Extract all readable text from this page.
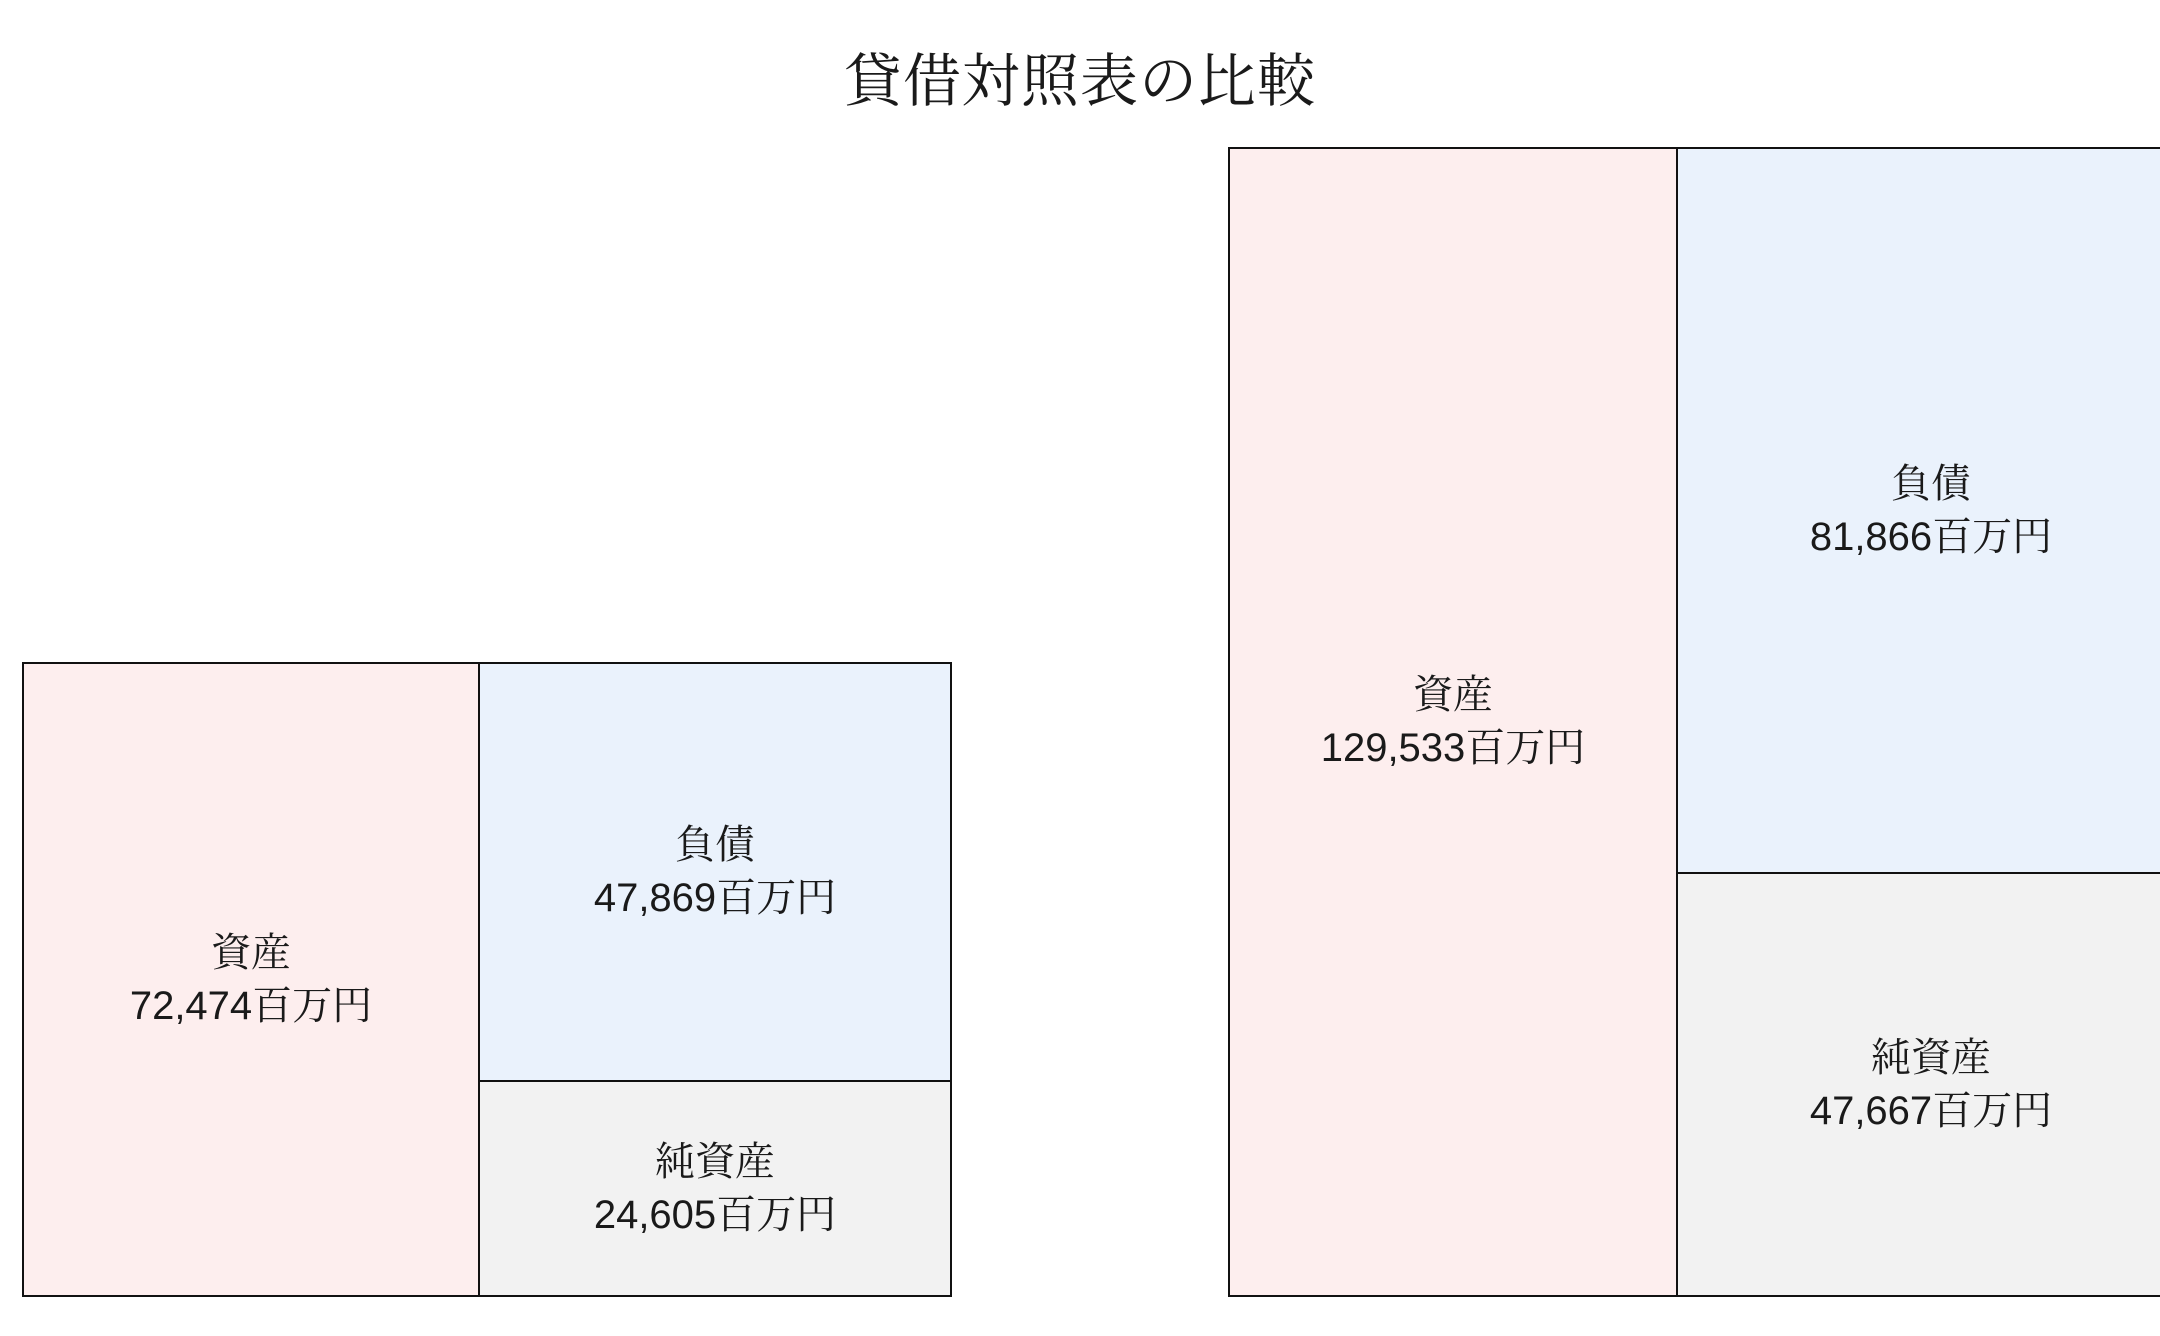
貸借対照表の比較
資産
72,474百万円
負債
47,869百万円
純資産
24,605百万円
資産
129,533百万円
負債
81,866百万円
純資産
47,667百万円
